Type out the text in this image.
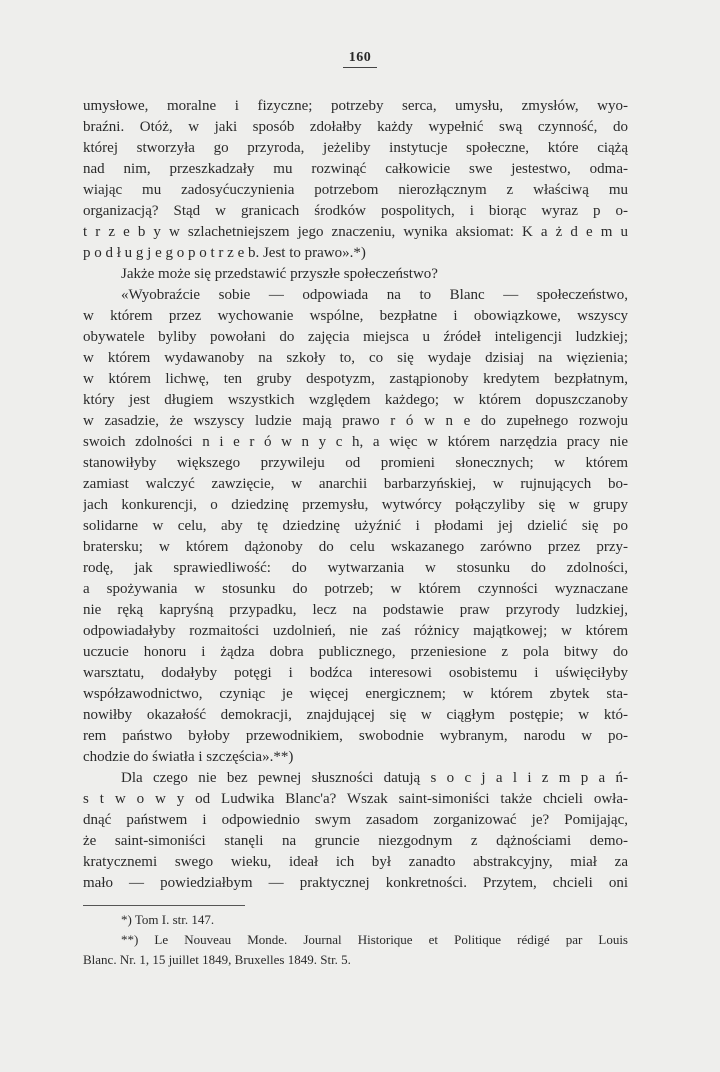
160
umysłowe, moralne i fizyczne; potrzeby serca, umysłu, zmysłów, wyo-
braźni. Otóż, w jaki sposób zdołałby każdy wypełnić swą czynność, do
której stworzyła go przyroda, jeżeliby instytucje społeczne, które ciążą
nad nim, przeszkadzały mu rozwinąć całkowicie swe jestestwo, odma-
wiając mu zadosyćuczynienia potrzebom nierozłącznym z właściwą mu
organizacją? Stąd w granicach środków pospolitych, i biorąc wyraz p o-
t r z e b y w szlachetniejszem jego znaczeniu, wynika aksiomat: K a ż d e m u
p o d ł u g j e g o p o t r z e b. Jest to prawo».*)
Jakże może się przedstawić przyszłe społeczeństwo?
«Wyobraźcie sobie — odpowiada na to Blanc — społeczeństwo,
w którem przez wychowanie wspólne, bezpłatne i obowiązkowe, wszyscy
obywatele byliby powołani do zajęcia miejsca u źródeł inteligencji ludzkiej;
w którem wydawanoby na szkoły to, co się wydaje dzisiaj na więzienia;
w którem lichwę, ten gruby despotyzm, zastąpionoby kredytem bezpłatnym,
który jest długiem wszystkich względem każdego; w którem dopuszczanoby
w zasadzie, że wszyscy ludzie mają prawo r ó w n e do zupełnego rozwoju
swoich zdolności n i e r ó w n y c h, a więc w którem narzędzia pracy nie
stanowiłyby większego przywileju od promieni słonecznych; w którem
zamiast walczyć zawzięcie, w anarchii barbarzyńskiej, w rujnujących bo-
jach konkurencji, o dziedzinę przemysłu, wytwórcy połączyliby się w grupy
solidarne w celu, aby tę dziedzinę użyźnić i płodami jej dzielić się po
bratersku; w którem dążonoby do celu wskazanego zarówno przez przy-
rodę, jak sprawiedliwość: do wytwarzania w stosunku do zdolności,
a spożywania w stosunku do potrzeb; w którem czynności wyznaczane
nie ręką kapryśną przypadku, lecz na podstawie praw przyrody ludzkiej,
odpowiadałyby rozmaitości uzdolnień, nie zaś różnicy majątkowej; w którem
uczucie honoru i żądza dobra publicznego, przeniesione z pola bitwy do
warsztatu, dodałyby potęgi i bodźca interesowi osobistemu i uświęciłyby
współzawodnictwo, czyniąc je więcej energicznem; w którem zbytek sta-
nowiłby okazałość demokracji, znajdującej się w ciągłym postępie; w któ-
rem państwo byłoby przewodnikiem, swobodnie wybranym, narodu w po-
chodzie do światła i szczęścia».**)
Dla czego nie bez pewnej słuszności datują s o c j a l i z m p a ń-
s t w o w y od Ludwika Blanc'a? Wszak saint-simoniści także chcieli owła-
dnąć państwem i odpowiednio swym zasadom zorganizować je? Pomijając,
że saint-simoniści stanęli na gruncie niezgodnym z dążnościami demo-
kratycznemi swego wieku, ideał ich był zanadto abstrakcyjny, miał za
mało — powiedziałbym — praktycznej konkretności. Przytem, chcieli oni
*) Tom I. str. 147.
**) Le Nouveau Monde. Journal Historique et Politique rédigé par Louis
Blanc. Nr. 1, 15 juillet 1849, Bruxelles 1849. Str. 5.
